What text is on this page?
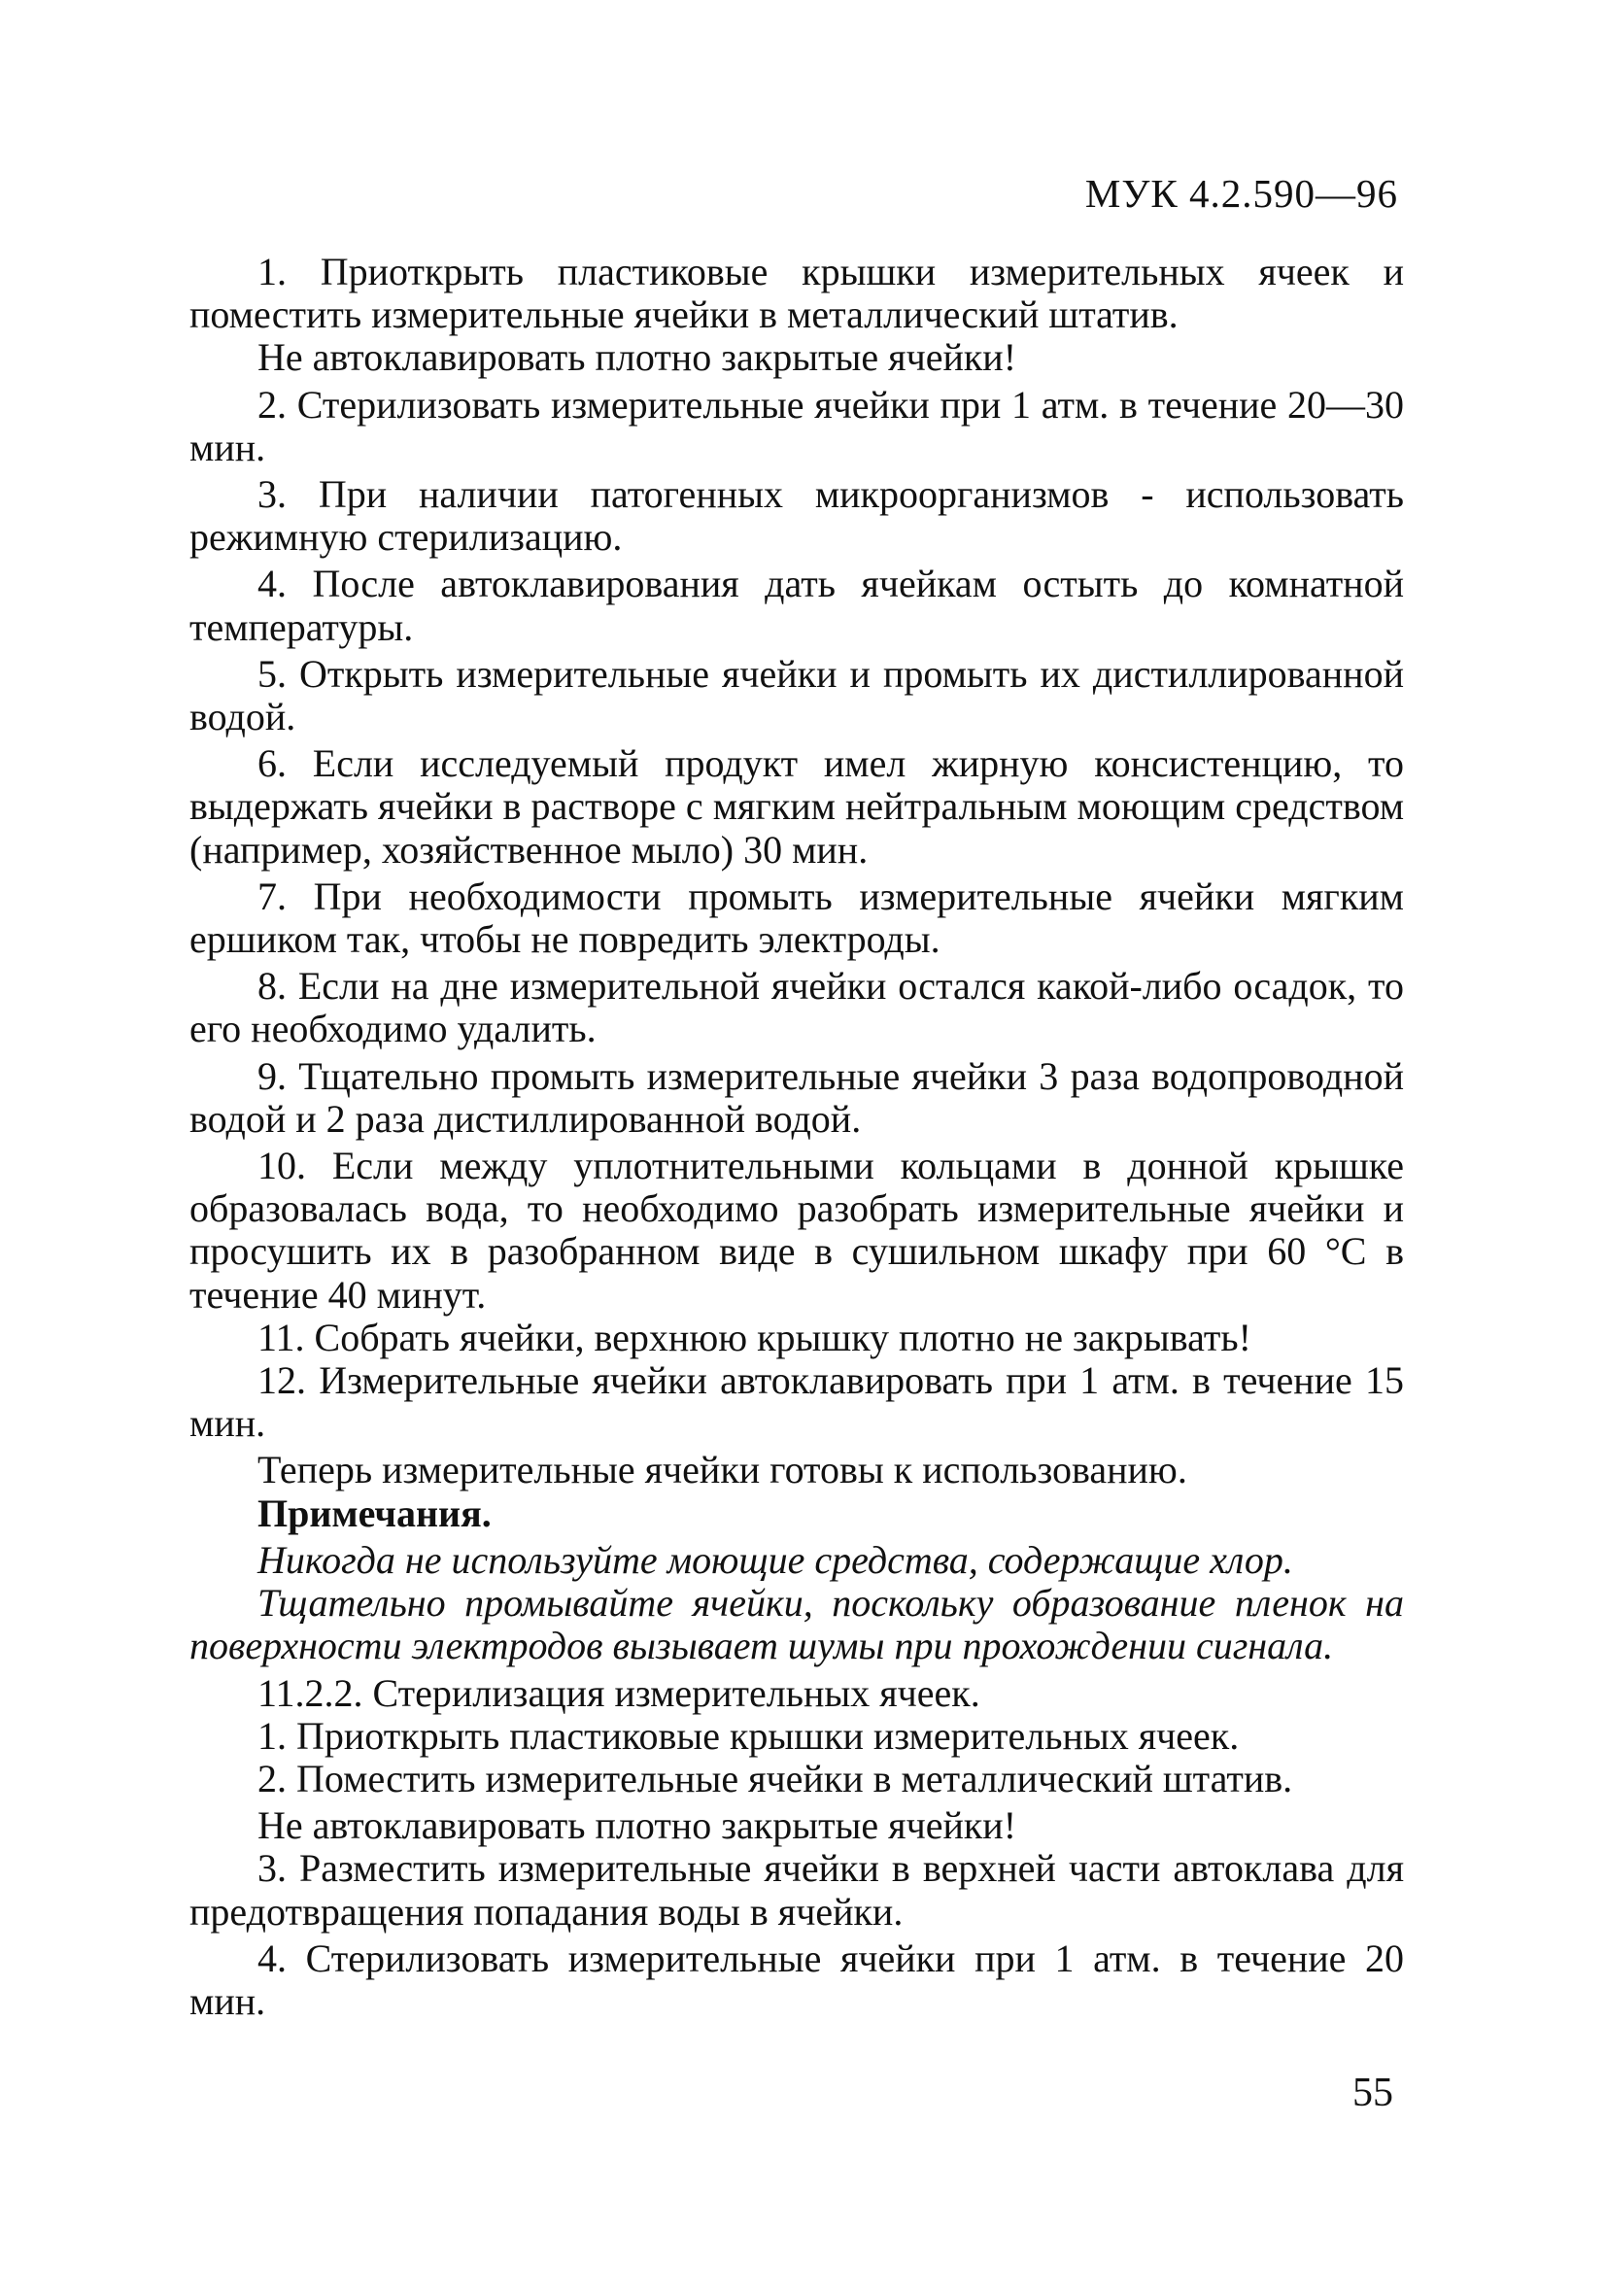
МУК 4.2.590—96

1. Приоткрыть пластиковые крышки измерительных ячеек и поместить измерительные ячейки в металлический штатив.

Не автоклавировать плотно закрытые ячейки!

2. Стерилизовать измерительные ячейки при 1 атм. в течение 20—30 мин.

3. При наличии патогенных микроорганизмов - использовать режимную стерилизацию.

4. После автоклавирования дать ячейкам остыть до комнатной температуры.

5. Открыть измерительные ячейки и промыть их дистиллированной водой.

6. Если исследуемый продукт имел жирную консистенцию, то выдержать ячейки в растворе с мягким нейтральным моющим средством (например, хозяйственное мыло) 30 мин.

7. При необходимости промыть измерительные ячейки мягким ершиком так, чтобы не повредить электроды.

8. Если на дне измерительной ячейки остался какой-либо осадок, то его необходимо удалить.

9. Тщательно промыть измерительные ячейки 3 раза водопроводной водой и 2 раза дистиллированной водой.

10. Если между уплотнительными кольцами в донной крышке образовалась вода, то необходимо разобрать измерительные ячейки и просушить их в разобранном виде в сушильном шкафу при 60 °С в течение 40 минут.

11. Собрать ячейки, верхнюю крышку плотно не закрывать!

12. Измерительные ячейки автоклавировать при 1 атм. в течение 15 мин.

Теперь измерительные ячейки готовы к использованию.

Примечания.

Никогда не используйте моющие средства, содержащие хлор.

Тщательно промывайте ячейки, поскольку образование пленок на поверхности электродов вызывает шумы при прохождении сигнала.

11.2.2. Стерилизация измерительных ячеек.

1. Приоткрыть пластиковые крышки измерительных ячеек.

2. Поместить измерительные ячейки в металлический штатив.

Не автоклавировать плотно закрытые ячейки!

3. Разместить измерительные ячейки в верхней части автоклава для предотвращения попадания воды в ячейки.

4. Стерилизовать измерительные ячейки при 1 атм. в течение 20 мин.

55
